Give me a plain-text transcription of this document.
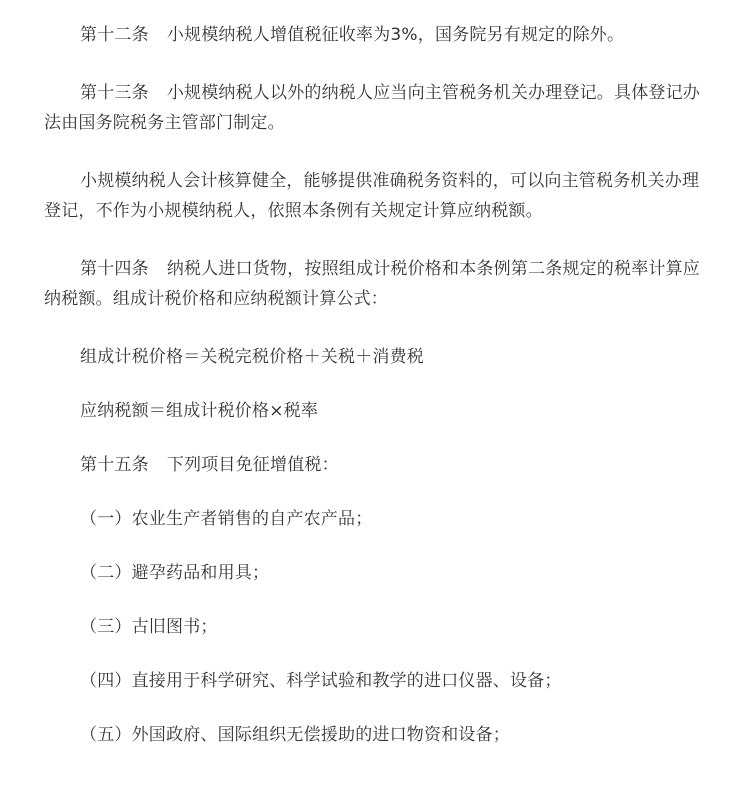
第十二条 小规模纳税人增值税征收率为3%，国务院另有规定的除外。

第十三条 小规模纳税人以外的纳税人应当向主管税务机关办理登记。具体登记办法由国务院税务主管部门制定。

小规模纳税人会计核算健全，能够提供准确税务资料的，可以向主管税务机关办理登记，不作为小规模纳税人，依照本条例有关规定计算应纳税额。

第十四条 纳税人进口货物，按照组成计税价格和本条例第二条规定的税率计算应纳税额。组成计税价格和应纳税额计算公式：

组成计税价格＝关税完税价格＋关税＋消费税

应纳税额＝组成计税价格×税率

第十五条 下列项目免征增值税：

（一）农业生产者销售的自产农产品；

（二）避孕药品和用具；

（三）古旧图书；

（四）直接用于科学研究、科学试验和教学的进口仪器、设备；

（五）外国政府、国际组织无偿援助的进口物资和设备；
